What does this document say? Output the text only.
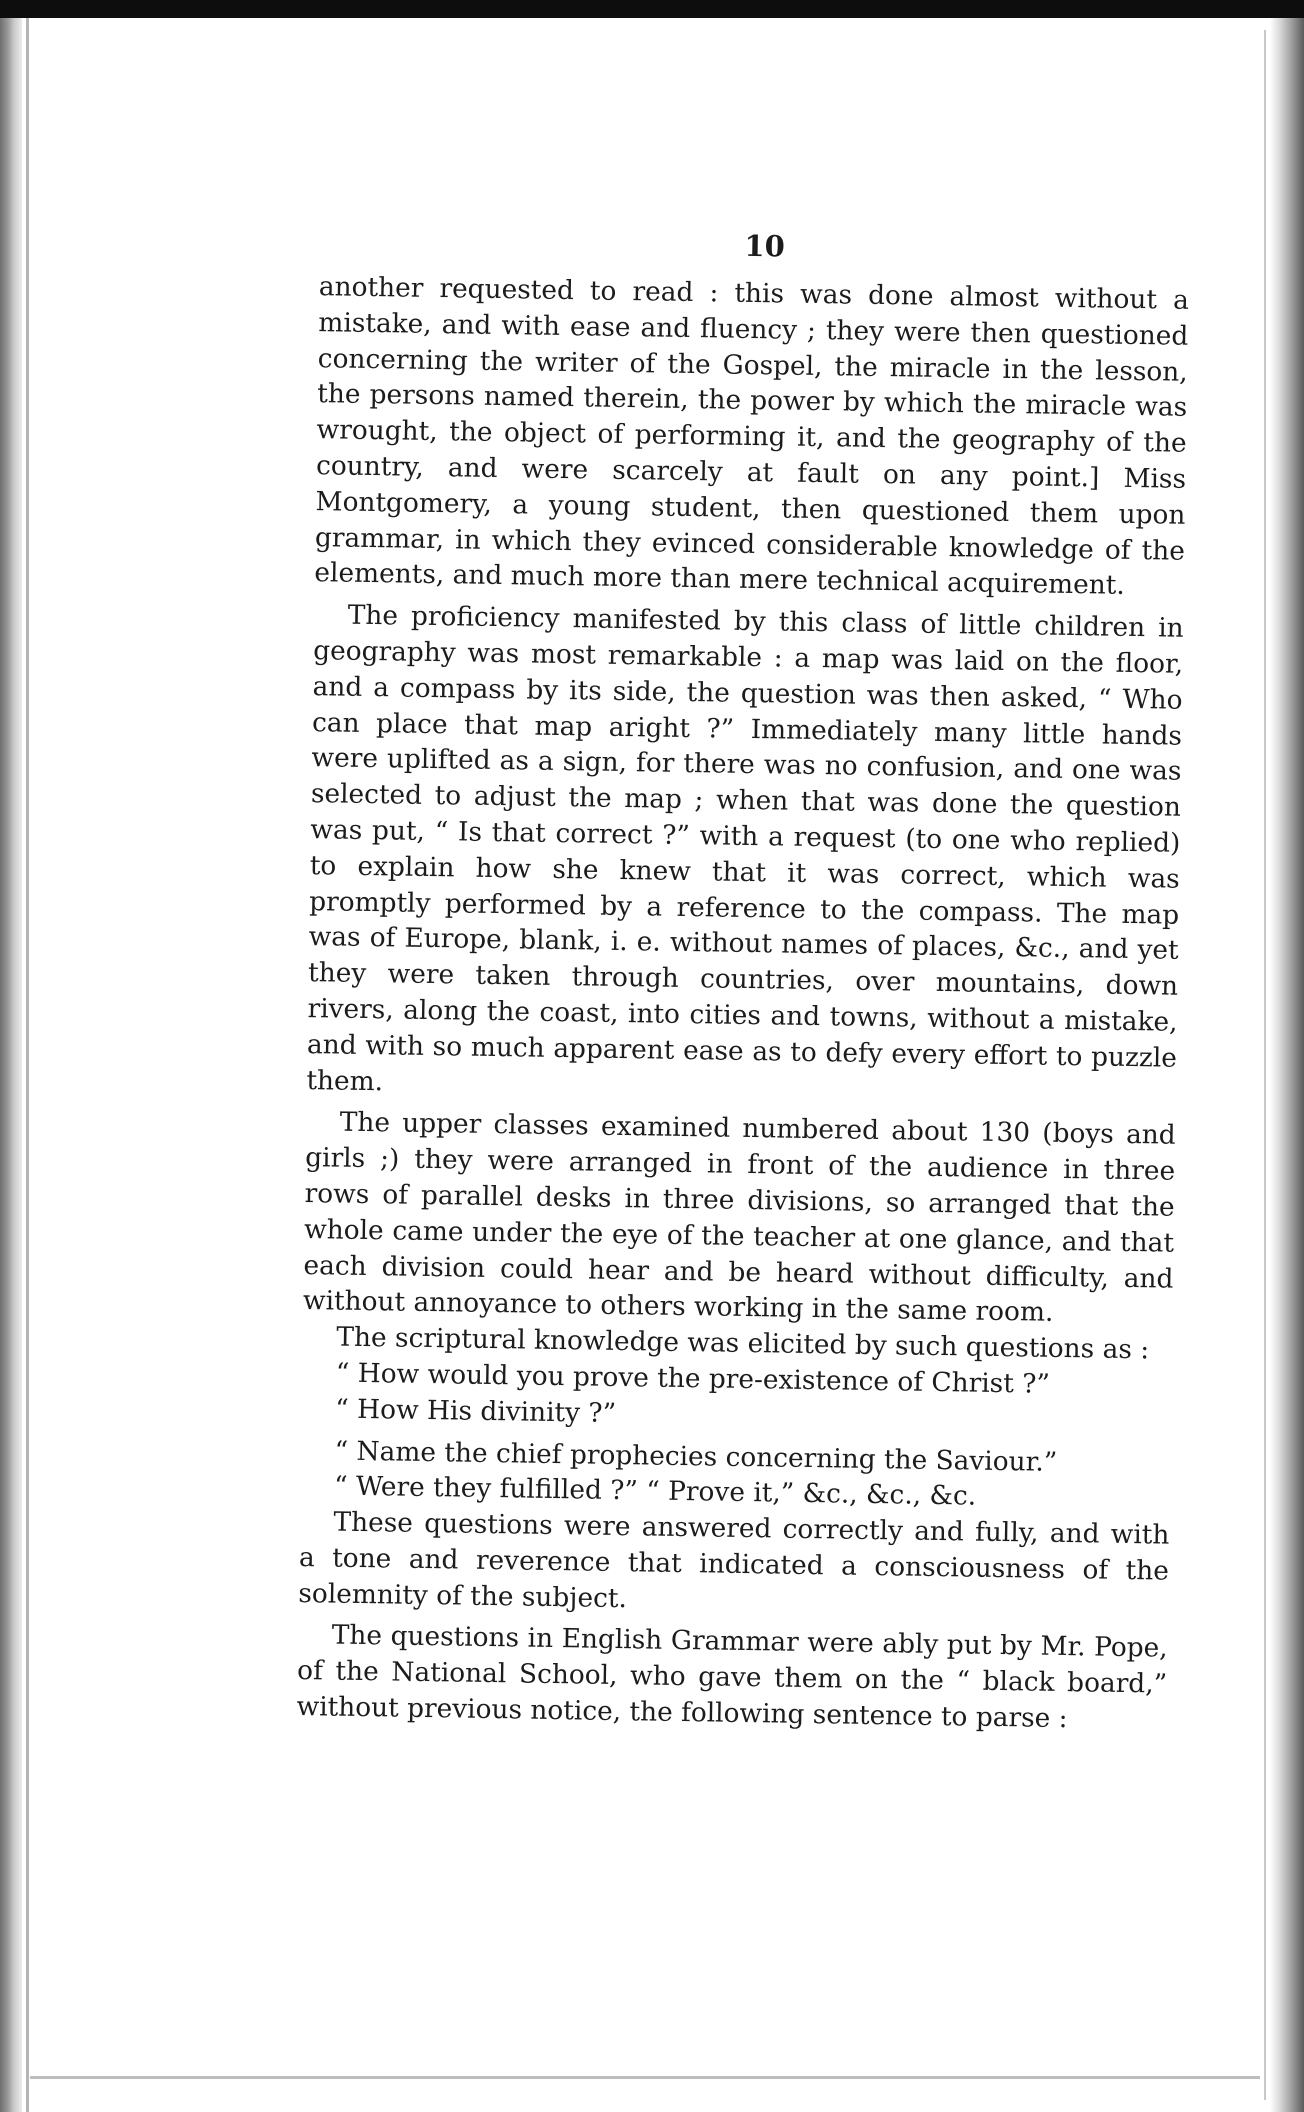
10

another requested to read : this was done almost without a mistake, and with ease and fluency ; they were then questioned concerning the writer of the Gospel, the miracle in the lesson, the persons named therein, the power by which the miracle was wrought, the object of performing it, and the geography of the country, and were scarcely at fault on any point.] Miss Montgomery, a young student, then questioned them upon grammar, in which they evinced considerable knowledge of the elements, and much more than mere technical acquirement.

The proficiency manifested by this class of little children in geography was most remarkable : a map was laid on the floor, and a compass by its side, the question was then asked, “ Who can place that map aright ?” Immediately many little hands were uplifted as a sign, for there was no confusion, and one was selected to adjust the map ; when that was done the question was put, “ Is that correct ?” with a request (to one who replied) to explain how she knew that it was correct, which was promptly performed by a reference to the compass. The map was of Europe, blank, i. e. without names of places, &c., and yet they were taken through countries, over mountains, down rivers, along the coast, into cities and towns, without a mistake, and with so much apparent ease as to defy every effort to puzzle them.

The upper classes examined numbered about 130 (boys and girls ;) they were arranged in front of the audience in three rows of parallel desks in three divisions, so arranged that the whole came under the eye of the teacher at one glance, and that each division could hear and be heard without difficulty, and without annoyance to others working in the same room.

The scriptural knowledge was elicited by such questions as :

“ How would you prove the pre-existence of Christ ?”

“ How His divinity ?”

“ Name the chief prophecies concerning the Saviour.”

“ Were they fulfilled ?” “ Prove it,” &c., &c., &c.

These questions were answered correctly and fully, and with a tone and reverence that indicated a consciousness of the solemnity of the subject.

The questions in English Grammar were ably put by Mr. Pope, of the National School, who gave them on the “ black board,” without previous notice, the following sentence to parse :
